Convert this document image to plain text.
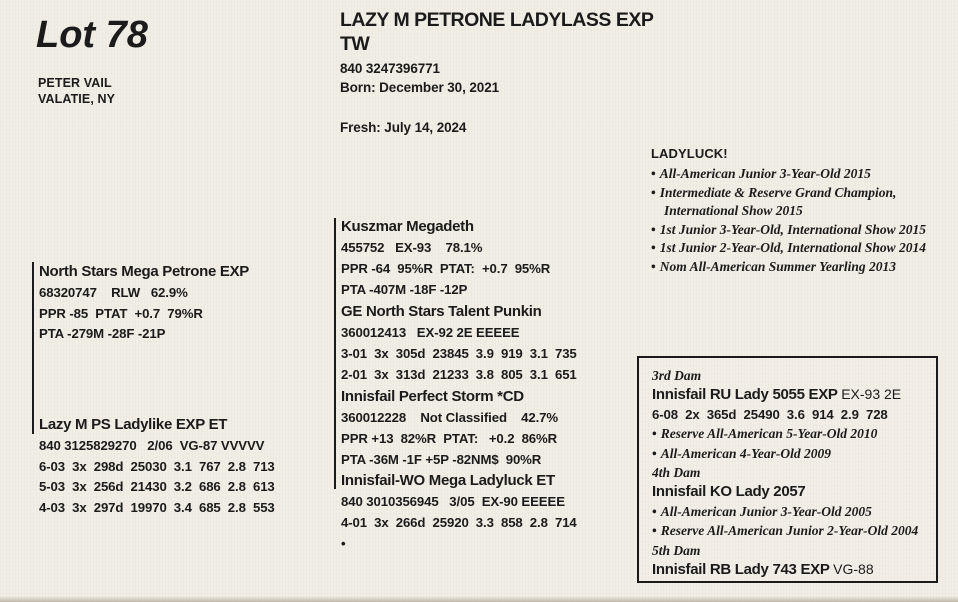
Lot 78
PETER VAIL
VALATIE, NY
LAZY M PETRONE LADYLASS EXP TW
840 3247396771
Born: December 30, 2021
Fresh: July 14, 2024
LADYLUCK!
• All-American Junior 3-Year-Old 2015
• Intermediate & Reserve Grand Champion, International Show 2015
• 1st Junior 3-Year-Old, International Show 2015
• 1st Junior 2-Year-Old, International Show 2014
• Nom All-American Summer Yearling 2013
North Stars Mega Petrone EXP
68320747    RLW   62.9%
PPR -85  PTAT  +0.7  79%R
PTA -279M -28F -21P
Lazy M PS Ladylike EXP ET
840 3125829270   2/06  VG-87 VVVVV
6-03  3x  298d  25030  3.1  767  2.8  713
5-03  3x  256d  21430  3.2  686  2.8  613
4-03  3x  297d  19970  3.4  685  2.8  553
Kuszmar Megadeth
455752   EX-93    78.1%
PPR -64  95%R  PTAT:  +0.7  95%R
PTA -407M -18F -12P
GE North Stars Talent Punkin
360012413   EX-92 2E EEEEE
3-01  3x  305d  23845  3.9  919  3.1  735
2-01  3x  313d  21233  3.8  805  3.1  651
Innisfail Perfect Storm *CD
360012228    Not Classified    42.7%
PPR +13  82%R  PTAT:   +0.2  86%R
PTA -36M -1F +5P -82NM$  90%R
Innisfail-WO Mega Ladyluck ET
840 3010356945   3/05  EX-90 EEEEE
4-01  3x  266d  25920  3.3  858  2.8  714
•
3rd Dam
Innisfail RU Lady 5055 EXP EX-93 2E
6-08  2x  365d  25490  3.6  914  2.9  728
• Reserve All-American 5-Year-Old 2010
• All-American 4-Year-Old 2009
4th Dam
Innisfail KO Lady 2057
• All-American Junior 3-Year-Old 2005
• Reserve All-American Junior 2-Year-Old 2004
5th Dam
Innisfail RB Lady 743 EXP VG-88
